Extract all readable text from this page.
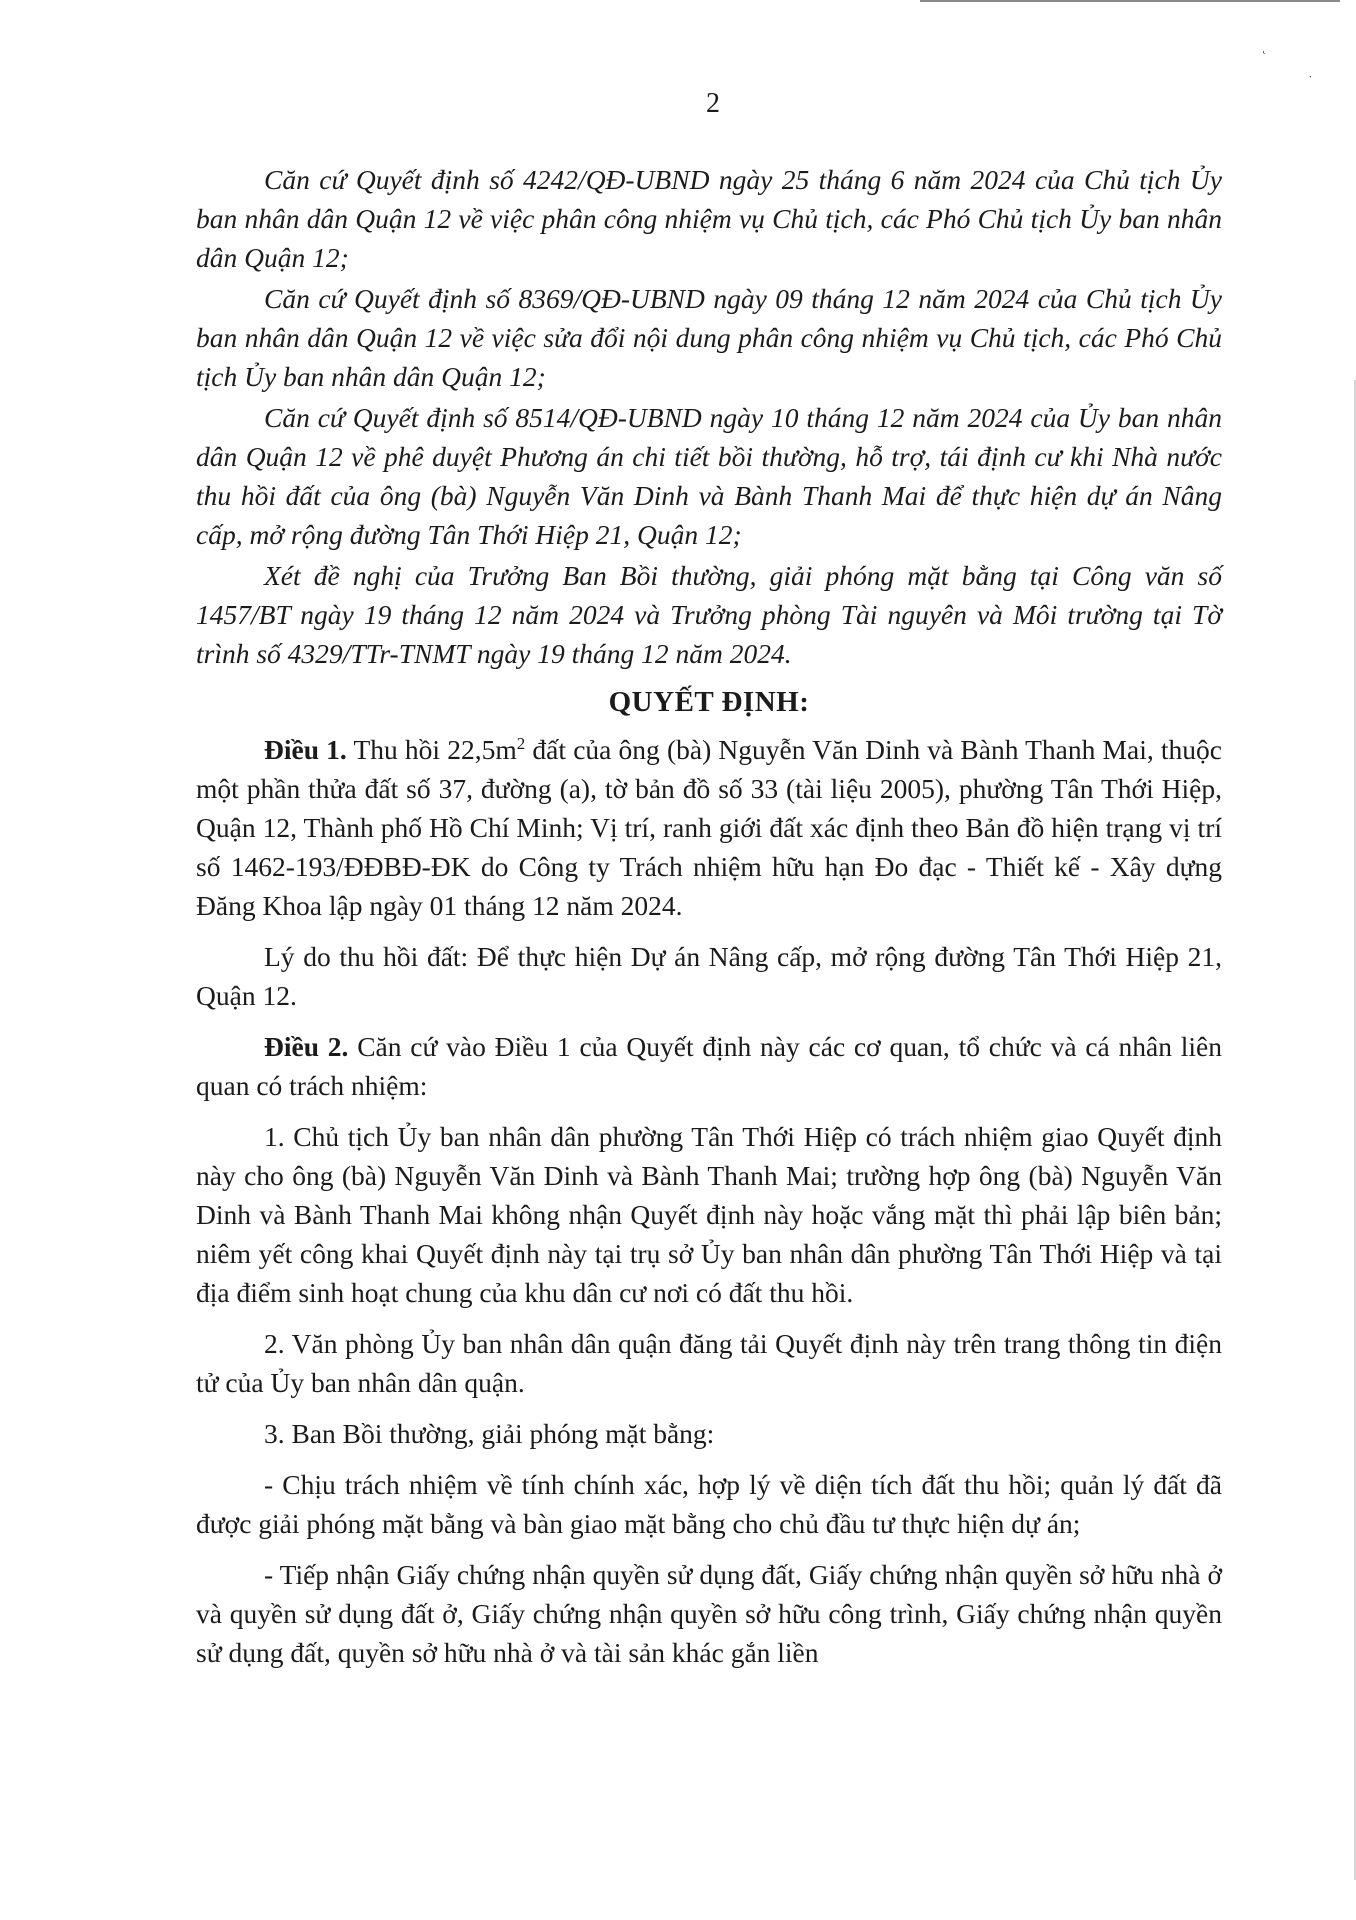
˛
˙
2

Căn cứ Quyết định số 4242/QĐ-UBND ngày 25 tháng 6 năm 2024 của Chủ tịch Ủy ban nhân dân Quận 12 về việc phân công nhiệm vụ Chủ tịch, các Phó Chủ tịch Ủy ban nhân dân Quận 12;

Căn cứ Quyết định số 8369/QĐ-UBND ngày 09 tháng 12 năm 2024 của Chủ tịch Ủy ban nhân dân Quận 12 về việc sửa đổi nội dung phân công nhiệm vụ Chủ tịch, các Phó Chủ tịch Ủy ban nhân dân Quận 12;

Căn cứ Quyết định số 8514/QĐ-UBND ngày 10 tháng 12 năm 2024 của Ủy ban nhân dân Quận 12 về phê duyệt Phương án chi tiết bồi thường, hỗ trợ, tái định cư khi Nhà nước thu hồi đất của ông (bà) Nguyễn Văn Dinh và Bành Thanh Mai để thực hiện dự án Nâng cấp, mở rộng đường Tân Thới Hiệp 21, Quận 12;

Xét đề nghị của Trưởng Ban Bồi thường, giải phóng mặt bằng tại Công văn số 1457/BT ngày 19 tháng 12 năm 2024 và Trưởng phòng Tài nguyên và Môi trường tại Tờ trình số 4329/TTr-TNMT ngày 19 tháng 12 năm 2024.

QUYẾT ĐỊNH:

Điều 1. Thu hồi $22,5m^2$ đất của ông (bà) Nguyễn Văn Dinh và Bành Thanh Mai, thuộc một phần thửa đất số 37, đường (a), tờ bản đồ số 33 (tài liệu 2005), phường Tân Thới Hiệp, Quận 12, Thành phố Hồ Chí Minh; Vị trí, ranh giới đất xác định theo Bản đồ hiện trạng vị trí số 1462-193/ĐĐBĐ-ĐK do Công ty Trách nhiệm hữu hạn Đo đạc - Thiết kế - Xây dựng Đăng Khoa lập ngày 01 tháng 12 năm 2024.

Lý do thu hồi đất: Để thực hiện Dự án Nâng cấp, mở rộng đường Tân Thới Hiệp 21, Quận 12.

Điều 2. Căn cứ vào Điều 1 của Quyết định này các cơ quan, tổ chức và cá nhân liên quan có trách nhiệm:

1. Chủ tịch Ủy ban nhân dân phường Tân Thới Hiệp có trách nhiệm giao Quyết định này cho ông (bà) Nguyễn Văn Dinh và Bành Thanh Mai; trường hợp ông (bà) Nguyễn Văn Dinh và Bành Thanh Mai không nhận Quyết định này hoặc vắng mặt thì phải lập biên bản; niêm yết công khai Quyết định này tại trụ sở Ủy ban nhân dân phường Tân Thới Hiệp và tại địa điểm sinh hoạt chung của khu dân cư nơi có đất thu hồi.

2. Văn phòng Ủy ban nhân dân quận đăng tải Quyết định này trên trang thông tin điện tử của Ủy ban nhân dân quận.

3. Ban Bồi thường, giải phóng mặt bằng:

- Chịu trách nhiệm về tính chính xác, hợp lý về diện tích đất thu hồi; quản lý đất đã được giải phóng mặt bằng và bàn giao mặt bằng cho chủ đầu tư thực hiện dự án;

- Tiếp nhận Giấy chứng nhận quyền sử dụng đất, Giấy chứng nhận quyền sở hữu nhà ở và quyền sử dụng đất ở, Giấy chứng nhận quyền sở hữu công trình, Giấy chứng nhận quyền sử dụng đất, quyền sở hữu nhà ở và tài sản khác gắn liền
